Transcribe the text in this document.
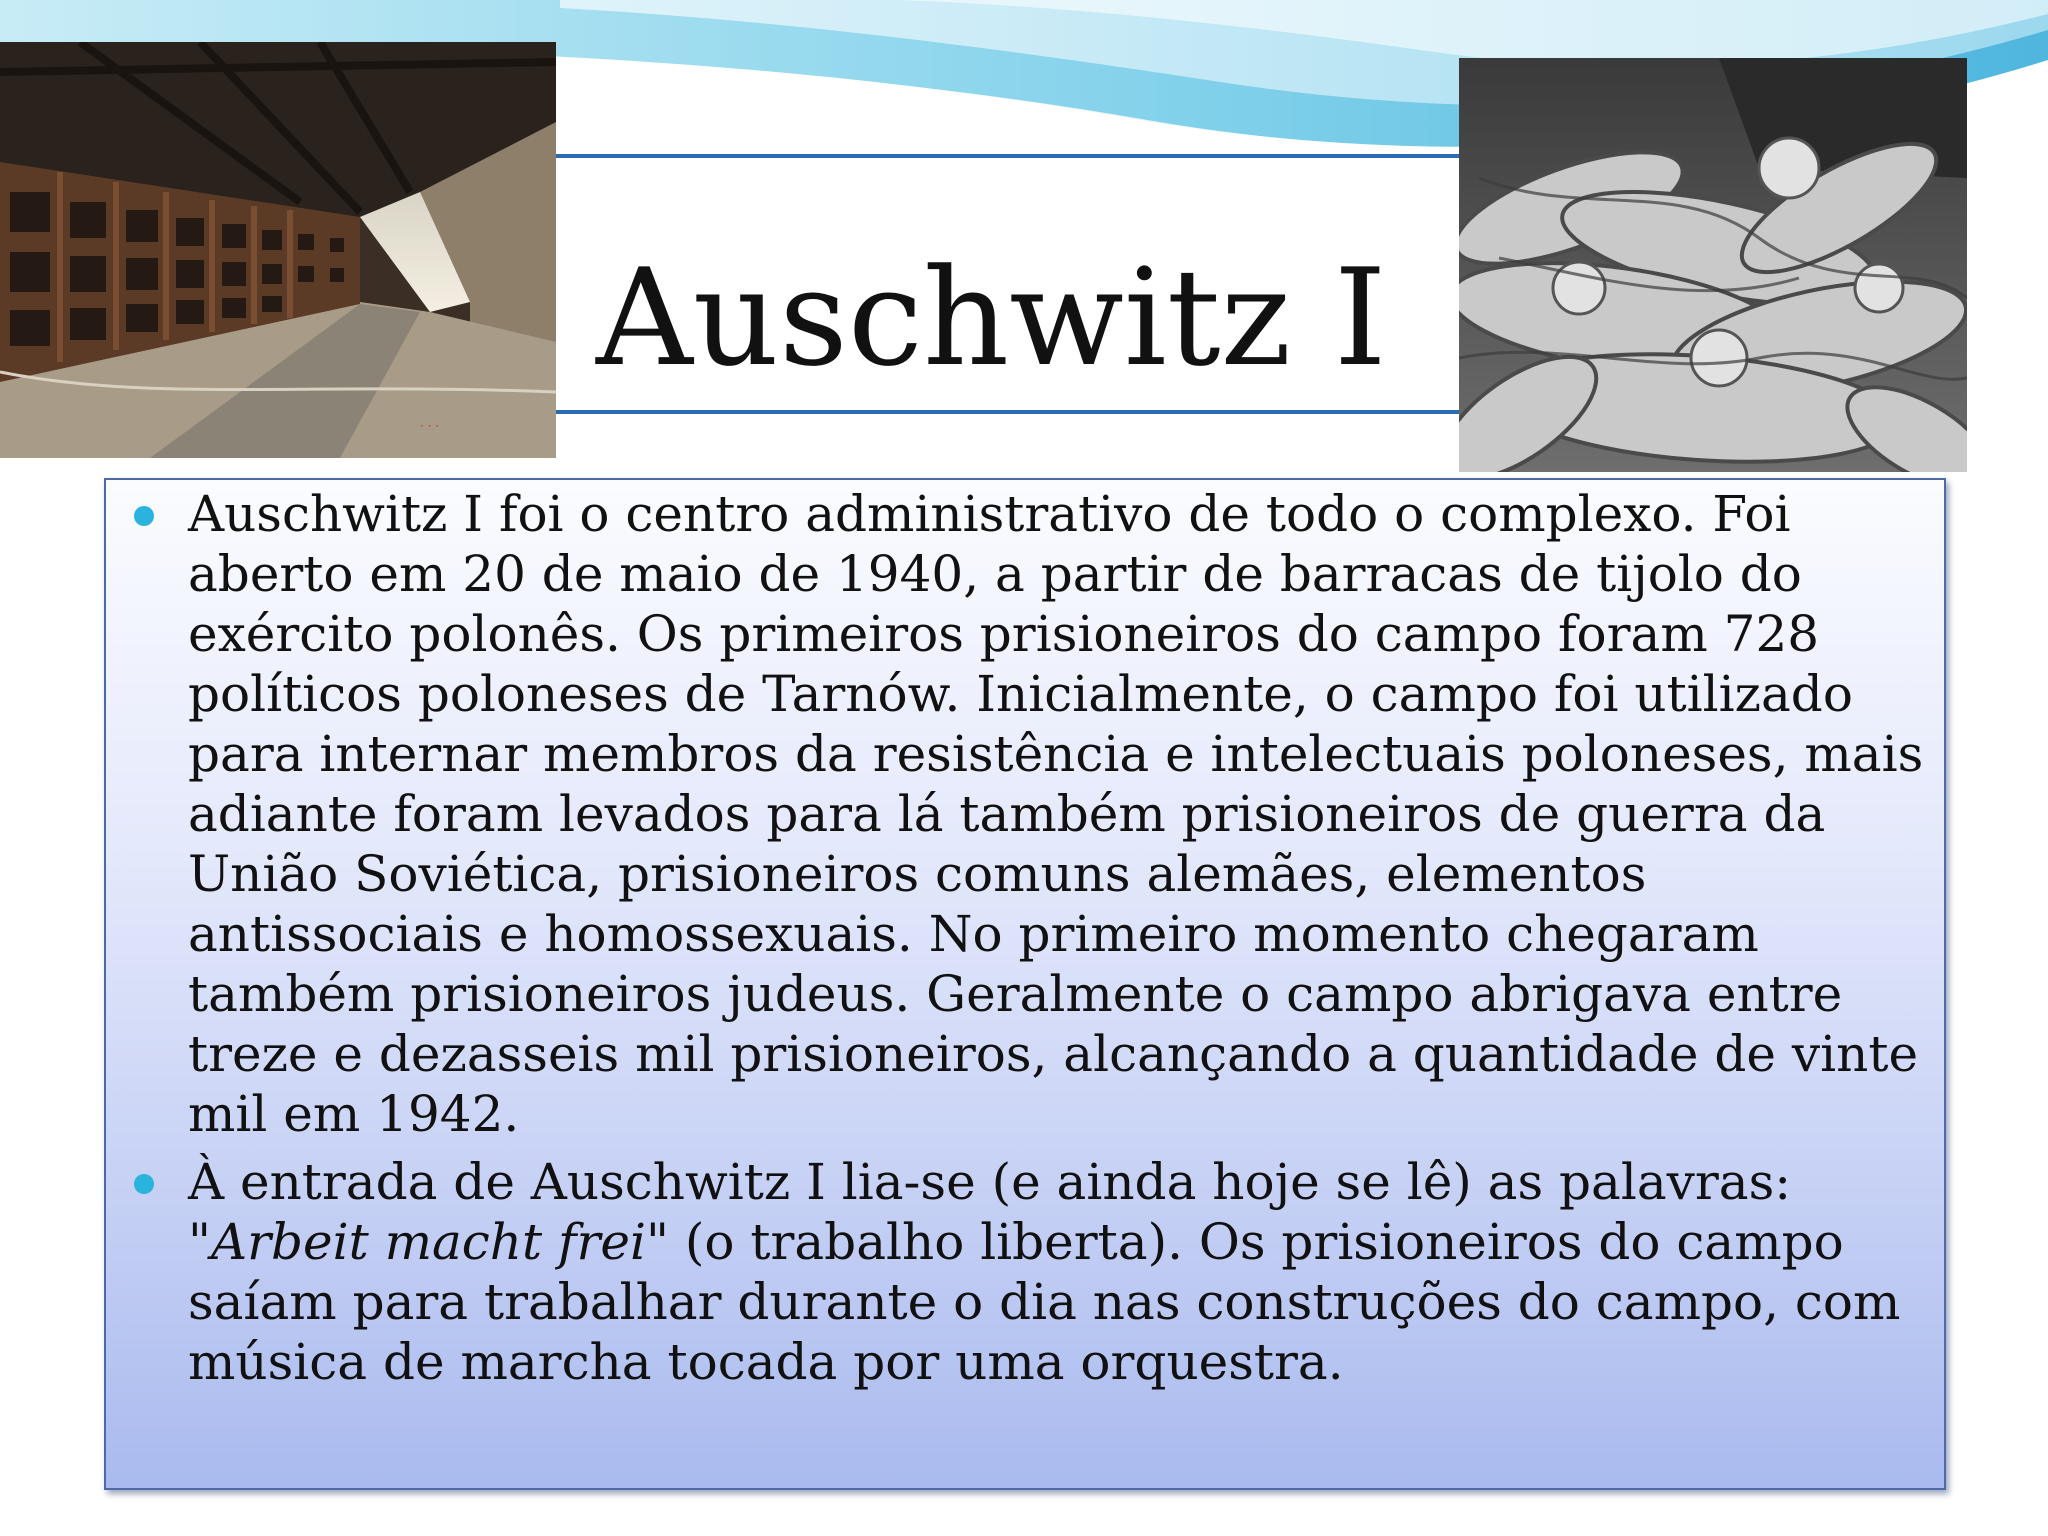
· · ·
Auschwitz I
Auschwitz I foi o centro administrativo de todo o complexo. Foi aberto em 20 de maio de 1940, a partir de barracas de tijolo do exército polonês. Os primeiros prisioneiros do campo foram 728 políticos poloneses de Tarnów. Inicialmente, o campo foi utilizado para internar membros da resistência e intelectuais poloneses, mais adiante foram levados para lá também prisioneiros de guerra da União Soviética, prisioneiros comuns alemães, elementos antissociais e homossexuais. No primeiro momento chegaram também prisioneiros judeus. Geralmente o campo abrigava entre treze e dezasseis mil prisioneiros, alcançando a quantidade de vinte mil em 1942.
À entrada de Auschwitz I lia-se (e ainda hoje se lê) as palavras: "Arbeit macht frei" (o trabalho liberta). Os prisioneiros do campo saíam para trabalhar durante o dia nas construções do campo, com música de marcha tocada por uma orquestra.
